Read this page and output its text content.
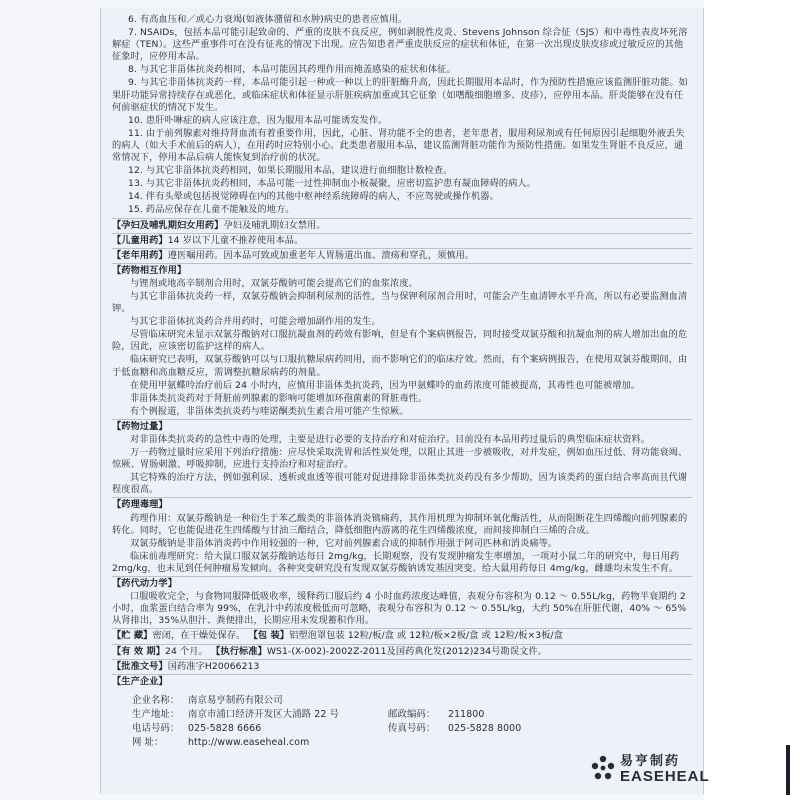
6. 有高血压和／或心力衰竭(如液体潴留和水肿)病史的患者应慎用。
7. NSAIDs，包括本品可能引起致命的、严重的皮肤不良反应，例如剥脱性皮炎、Stevens Johnson 综合征（SJS）和中毒性表皮坏死溶解症（TEN）。这些严重事件可在没有征兆的情况下出现。应告知患者严重皮肤反应的症状和体征，在第一次出现皮肤皮疹或过敏反应的其他征象时，应停用本品。
8. 与其它非甾体抗炎药相同，本品可能因其药理作用而掩盖感染的症状和体征。
9. 与其它非甾体抗炎药一样，本品可能引起一种或一种以上的肝脏酶升高，因此长期服用本品时，作为预防性措施应该监测肝脏功能。如果肝功能异常持续存在或恶化，或临床症状和体征显示肝脏疾病加重或其它征象（如嗜酸细胞增多、皮疹），应停用本品。肝炎能够在没有任何前驱症状的情况下发生。
10. 患肝卟啉症的病人应该注意，因为服用本品可能诱发发作。
11. 由于前列腺素对维持肾血流有着重要作用，因此，心脏、肾功能不全的患者，老年患者，服用利尿剂或有任何原因引起细胞外液丢失的病人（如大手术前后的病人），在用药时应特别小心。此类患者服用本品，建议监测肾脏功能作为预防性措施。如果发生肾脏不良反应，通常情况下，停用本品后病人能恢复到治疗前的状况。
12. 与其它非甾体抗炎药相同，如果长期服用本品，建议进行血细胞计数检查。
13. 与其它非甾体抗炎药相同，本品可能一过性抑制血小板凝聚，应密切监护患有凝血障碍的病人。
14. 伴有头晕或包括视觉障碍在内的其他中枢神经系统障碍的病人，不应驾驶或操作机器。
15. 药品应保存在儿童不能触及的地方。
【孕妇及哺乳期妇女用药】孕妇及哺乳期妇女禁用。
【儿童用药】14 岁以下儿童不推荐使用本品。
【老年用药】遵医嘱用药。因本品可致或加重老年人胃肠道出血、溃疡和穿孔，须慎用。
【药物相互作用】
与锂剂或地高辛制剂合用时，双氯芬酸钠可能会提高它们的血浆浓度。
与其它非甾体抗炎药一样，双氯芬酸钠会抑制利尿剂的活性，当与保钾利尿剂合用时，可能会产生血清钾水平升高，所以有必要监测血清钾。
与其它非甾体抗炎药合并用药时，可能会增加副作用的发生。
尽管临床研究未显示双氯芬酸钠对口服抗凝血剂的药效有影响，但是有个案病例报告，同时接受双氯芬酸和抗凝血剂的病人增加出血的危险，因此，应该密切监护这样的病人。
临床研究已表明，双氯芬酸钠可以与口服抗糖尿病药同用，而不影响它们的临床疗效。然而，有个案病例报告，在使用双氯芬酸期间，由于低血糖和高血糖反应，需调整抗糖尿病药的剂量。
在使用甲氨蝶呤治疗前后 24 小时内，应慎用非甾体类抗炎药，因为甲氨蝶呤的血药浓度可能被提高，其毒性也可能被增加。
非甾体类抗炎药对于肾脏前列腺素的影响可能增加环孢菌素的肾脏毒性。
有个例报道，非甾体类抗炎药与喹诺酮类抗生素合用可能产生惊厥。
【药物过量】
对非甾体类抗炎药的急性中毒的处理，主要是进行必要的支持治疗和对症治疗。目前没有本品用药过量后的典型临床症状资料。
万一药物过量时应采用下列治疗措施：应尽快采取洗胃和活性炭处理，以阻止其进一步被吸收，对并发症，例如血压过低、肾功能衰竭、惊厥、胃肠刺激、呼吸抑制，应进行支持治疗和对症治疗。
其它特殊的治疗方法，例如强利尿、透析或血透等很可能对促进排除非甾体类抗炎药没有多少帮助，因为该类药的蛋白结合率高而且代谢程度很高。
【药理毒理】
药理作用：双氯芬酸钠是一种衍生于苯乙酸类的非甾体消炎镇痛药，其作用机理为抑制环氧化酶活性，从而阻断花生四烯酸向前列腺素的转化。同时，它也能促进花生四烯酸与甘油三酯结合，降低细胞内游离的花生四烯酸浓度，而间接抑制白三烯的合成。
双氯芬酸钠是非甾体消炎药中作用较强的一种，它对前列腺素合成的抑制作用强于阿司匹林和消炎痛等。
临床前毒理研究：给大鼠口服双氯芬酸钠达每日 2mg/kg，长期观察，没有发现肿瘤发生率增加，一项对小鼠二年的研究中，每日用药 2mg/kg，也未见到任何肿瘤易发倾向。各种突变研究没有发现双氯芬酸钠诱发基因突变。给大鼠用药每日 4mg/kg，雌雄均未发生不育。
【药代动力学】
口服吸收完全，与食物同服降低吸收率，缓释药口服后约 4 小时血药浓度达峰值，表观分布容积为 0.12 ～ 0.55L/kg，药物半衰期约 2 小时，血浆蛋白结合率为 99%，在乳汁中药浓度极低而可忽略，表观分布容积为 0.12 ～ 0.55L/kg，大约 50%在肝脏代谢，40% ～ 65%从肾排出，35%从胆汁、粪便排出，长期应用未发现蓄积作用。
【贮 藏】密闭，在干燥处保存。 【包 装】铝塑泡罩包装 12粒/板/盒 或 12粒/板×2板/盒 或 12粒/板×3板/盒
【有 效 期】24 个月。 【执行标准】WS1-(X-002)-2002Z-2011及国药典化发(2012)234号勘误文件。
【批准文号】国药准字H20066213
【生产企业】
企业名称： 南京易亨制药有限公司
生产地址： 南京市浦口经济开发区大浦路 22 号	邮政编码： 211800
电话号码： 025-5828 6666	传真号码： 025-5828 8000
网 址：	http://www.easeheal.com
易亨制药
EASEHEAL
